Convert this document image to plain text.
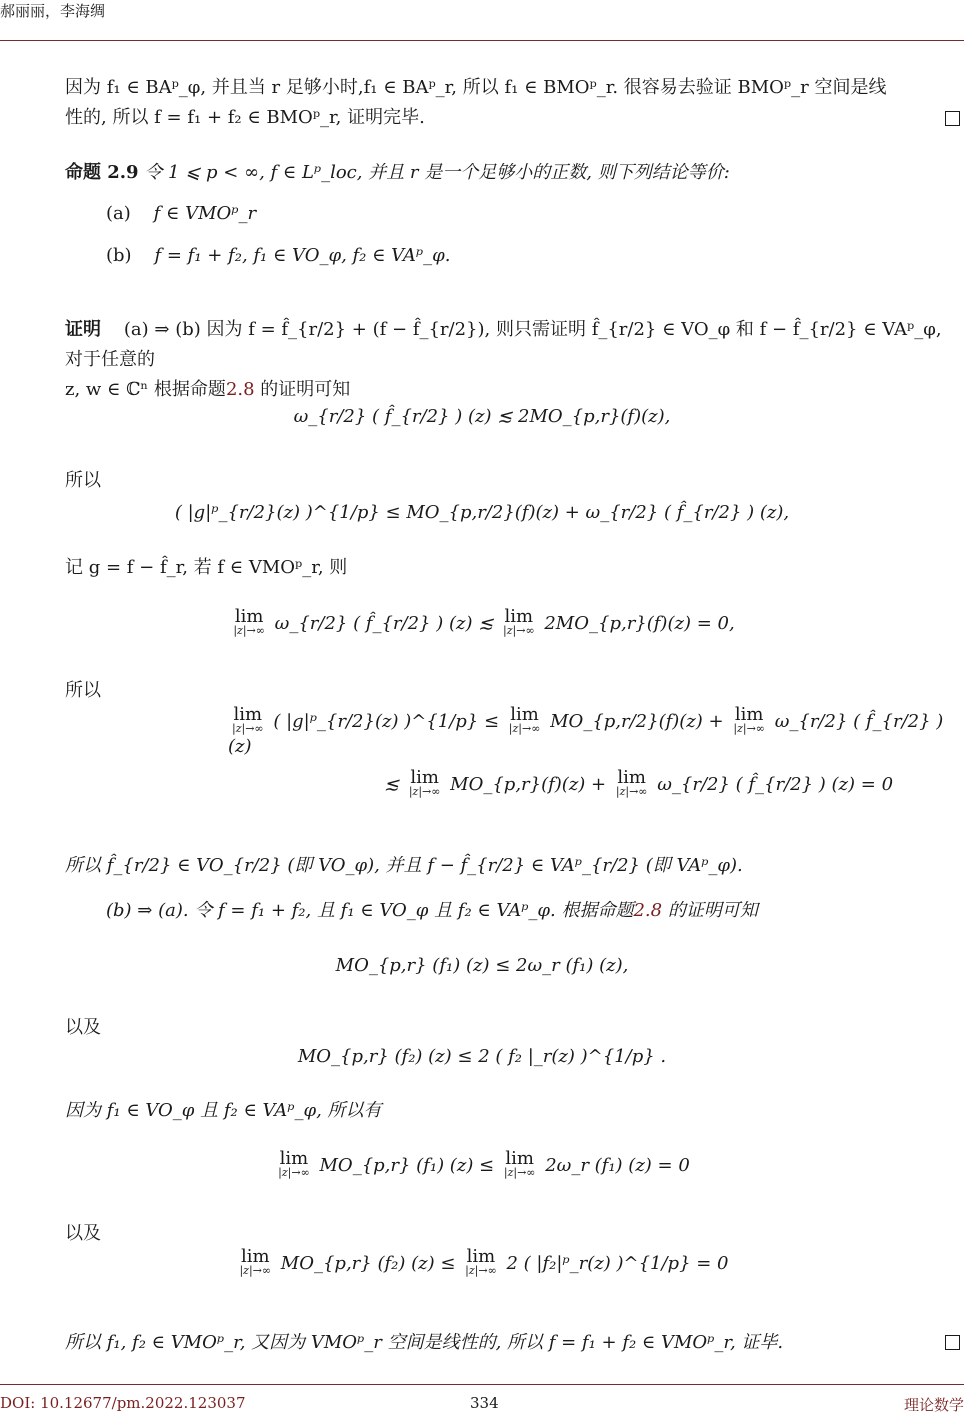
郝丽丽，李海绸
因为 f₁ ∈ BAᵖ_φ, 并且当 r 足够小时,f₁ ∈ BAᵖ_r, 所以 f₁ ∈ BMOᵖ_r. 很容易去验证 BMOᵖ_r 空间是线
性的, 所以 f = f₁ + f₂ ∈ BMOᵖ_r, 证明完毕.
命题 2.9 令 1 ⩽ p < ∞, f ∈ Lᵖ_loc, 并且 r 是一个足够小的正数, 则下列结论等价:
(a) f ∈ VMOᵖ_r
(b) f = f₁ + f₂, f₁ ∈ VO_φ, f₂ ∈ VAᵖ_φ.
证明 (a) ⇒ (b) 因为 f = f̂_{r/2} + (f − f̂_{r/2}), 则只需证明 f̂_{r/2} ∈ VO_φ 和 f − f̂_{r/2} ∈ VAᵖ_φ, 对于任意的
z, w ∈ ℂⁿ 根据命题2.8 的证明可知
ω_{r/2} ( f̂_{r/2} ) (z) ≲ 2MO_{p,r}(f)(z),
所以
( |g|ᵖ_{r/2}(z) )^{1/p} ≤ MO_{p,r/2}(f)(z) + ω_{r/2} ( f̂_{r/2} ) (z),
记 g = f − f̂_r, 若 f ∈ VMOᵖ_r, 则
lim
|z|→∞ ω_{r/2} ( f̂_{r/2} ) (z) ≲ lim
|z|→∞ 2MO_{p,r}(f)(z) = 0,
所以
lim
|z|→∞ ( |g|ᵖ_{r/2}(z) )^{1/p} ≤ lim
|z|→∞ MO_{p,r/2}(f)(z) + lim
|z|→∞ ω_{r/2} ( f̂_{r/2} ) (z)
≲ lim
|z|→∞ MO_{p,r}(f)(z) + lim
|z|→∞ ω_{r/2} ( f̂_{r/2} ) (z) = 0
所以 f̂_{r/2} ∈ VO_{r/2} (即 VO_φ), 并且 f − f̂_{r/2} ∈ VAᵖ_{r/2} (即 VAᵖ_φ).
(b) ⇒ (a). 令 f = f₁ + f₂, 且 f₁ ∈ VO_φ 且 f₂ ∈ VAᵖ_φ. 根据命题2.8 的证明可知
MO_{p,r} (f₁) (z) ≤ 2ω_r (f₁) (z),
以及
MO_{p,r} (f₂) (z) ≤ 2 ( f₂ |_r(z) )^{1/p} .
因为 f₁ ∈ VO_φ 且 f₂ ∈ VAᵖ_φ, 所以有
lim
|z|→∞ MO_{p,r} (f₁) (z) ≤ lim
|z|→∞ 2ω_r (f₁) (z) = 0
以及
lim
|z|→∞ MO_{p,r} (f₂) (z) ≤ lim
|z|→∞ 2 ( |f₂|ᵖ_r(z) )^{1/p} = 0
所以 f₁, f₂ ∈ VMOᵖ_r, 又因为 VMOᵖ_r 空间是线性的, 所以 f = f₁ + f₂ ∈ VMOᵖ_r, 证毕.
DOI: 10.12677/pm.2022.123037	334	理论数学
